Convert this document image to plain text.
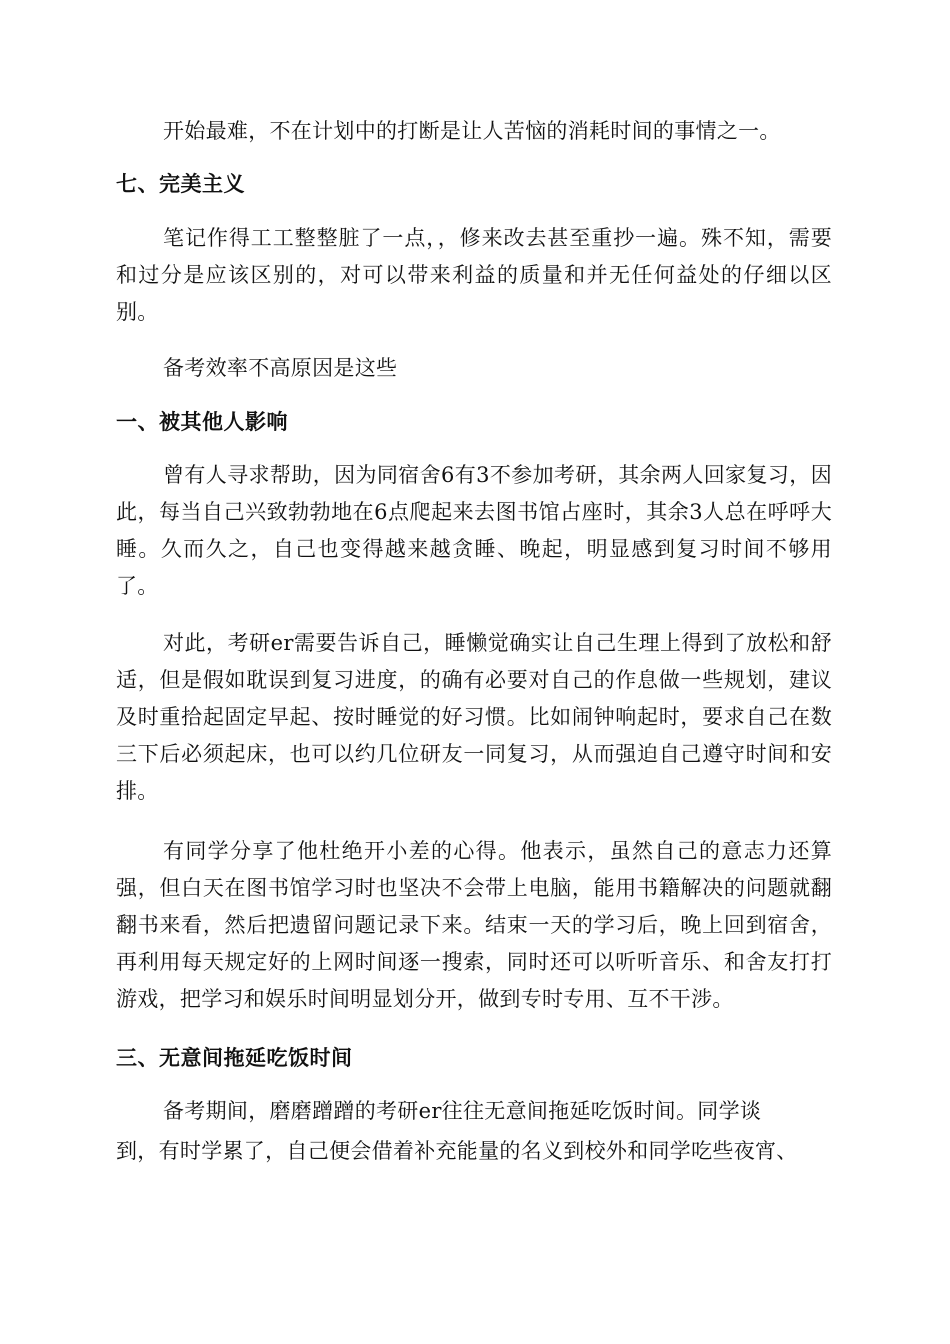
开始最难，不在计划中的打断是让人苦恼的消耗时间的事情之一。

七、完美主义

笔记作得工工整整脏了一点，，修来改去甚至重抄一遍。殊不知，需要和过分是应该区别的，对可以带来利益的质量和并无任何益处的仔细以区别。

备考效率不高原因是这些

一、被其他人影响

曾有人寻求帮助，因为同宿舍6有3不参加考研，其余两人回家复习，因此，每当自己兴致勃勃地在6点爬起来去图书馆占座时，其余3人总在呼呼大睡。久而久之，自己也变得越来越贪睡、晚起，明显感到复习时间不够用了。

对此，考研er需要告诉自己，睡懒觉确实让自己生理上得到了放松和舒适，但是假如耽误到复习进度，的确有必要对自己的作息做一些规划，建议及时重拾起固定早起、按时睡觉的好习惯。比如闹钟响起时，要求自己在数三下后必须起床，也可以约几位研友一同复习，从而强迫自己遵守时间和安排。

有同学分享了他杜绝开小差的心得。他表示，虽然自己的意志力还算强，但白天在图书馆学习时也坚决不会带上电脑，能用书籍解决的问题就翻翻书来看，然后把遗留问题记录下来。结束一天的学习后，晚上回到宿舍，再利用每天规定好的上网时间逐一搜索，同时还可以听听音乐、和舍友打打游戏，把学习和娱乐时间明显划分开，做到专时专用、互不干涉。

三、无意间拖延吃饭时间

备考期间，磨磨蹭蹭的考研er往往无意间拖延吃饭时间。同学谈

到，有时学累了，自己便会借着补充能量的名义到校外和同学吃些夜宵、
